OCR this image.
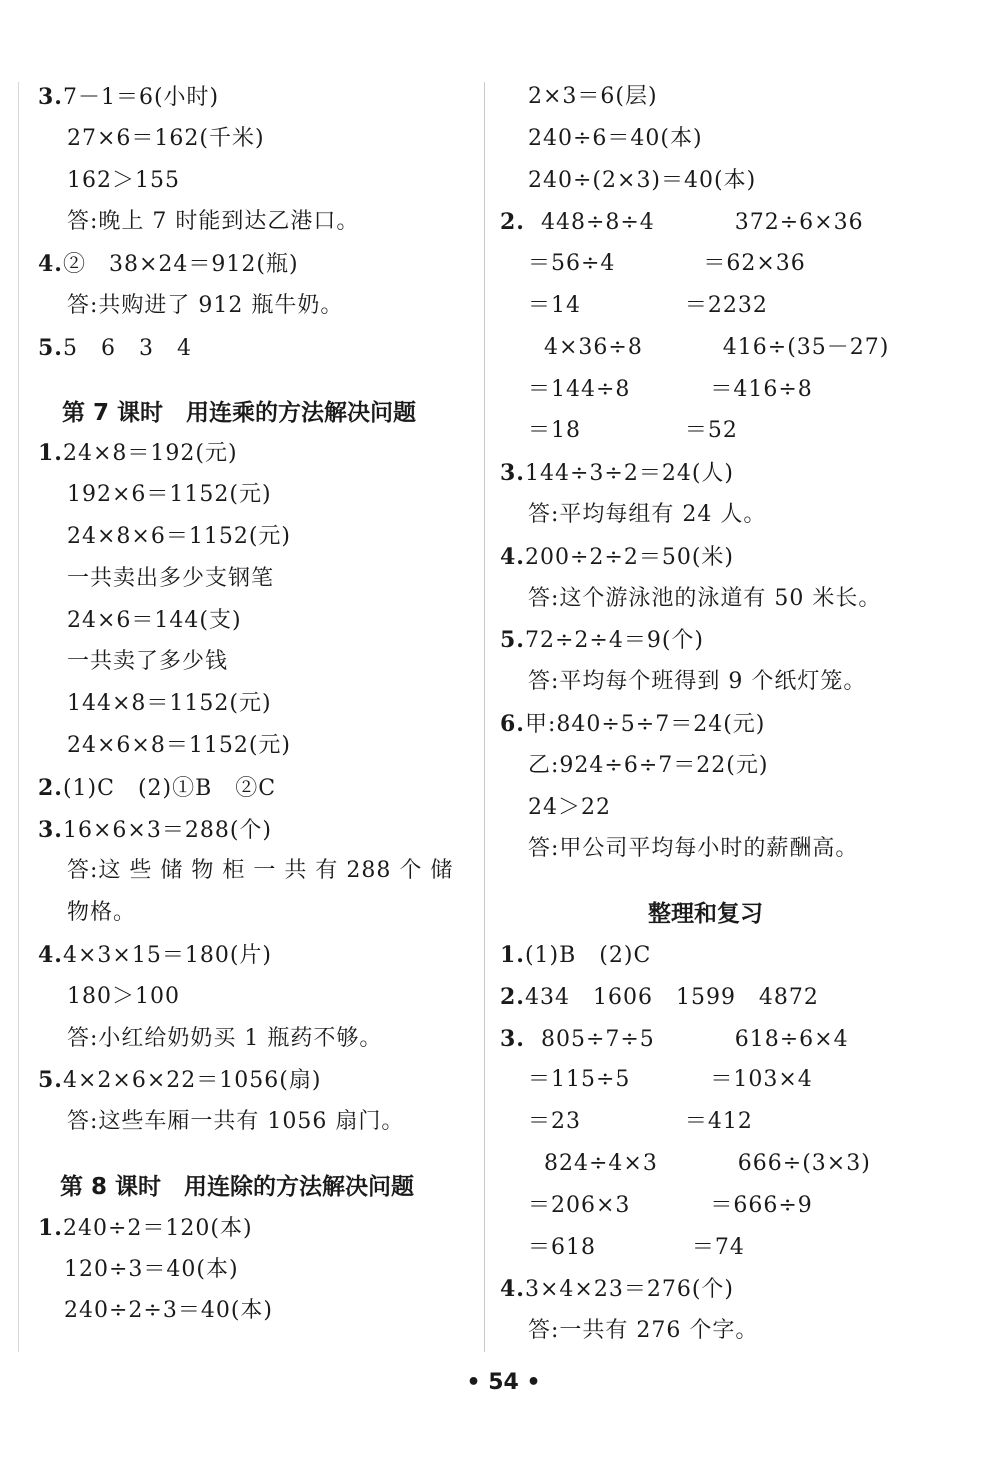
3.7－1＝6(小时)
27×6＝162(千米)
162＞155
答:晚上 7 时能到达乙港口。
4.②　38×24＝912(瓶)
答:共购进了 912 瓶牛奶。
5.5　6　3　4
第 7 课时　用连乘的方法解决问题
1.24×8＝192(元)
192×6＝1152(元)
24×8×6＝1152(元)
一共卖出多少支钢笔
24×6＝144(支)
一共卖了多少钱
144×8＝1152(元)
24×6×8＝1152(元)
2.(1)C　(2)①B　②C
3.16×6×3＝288(个)
答:这 些 储 物 柜 一 共 有 288 个 储
物格。
4.4×3×15＝180(片)
180＞100
答:小红给奶奶买 1 瓶药不够。
5.4×2×6×22＝1056(扇)
答:这些车厢一共有 1056 扇门。
第 8 课时　用连除的方法解决问题
1.240÷2＝120(本)
120÷3＝40(本)
240÷2÷3＝40(本)
2×3＝6(层)
240÷6＝40(本)
240÷(2×3)＝40(本)
2.  448÷8÷4          372÷6×36
＝56÷4           ＝62×36
＝14             ＝2232
4×36÷8          416÷(35－27)
＝144÷8          ＝416÷8
＝18             ＝52
3.144÷3÷2＝24(人)
答:平均每组有 24 人。
4.200÷2÷2＝50(米)
答:这个游泳池的泳道有 50 米长。
5.72÷2÷4＝9(个)
答:平均每个班得到 9 个纸灯笼。
6.甲:840÷5÷7＝24(元)
乙:924÷6÷7＝22(元)
24＞22
答:甲公司平均每小时的薪酬高。
整理和复习
1.(1)B　(2)C
2.434　1606　1599　4872
3.  805÷7÷5          618÷6×4
＝115÷5          ＝103×4
＝23             ＝412
824÷4×3          666÷(3×3)
＝206×3          ＝666÷9
＝618            ＝74
4.3×4×23＝276(个)
答:一共有 276 个字。
• 54 •
